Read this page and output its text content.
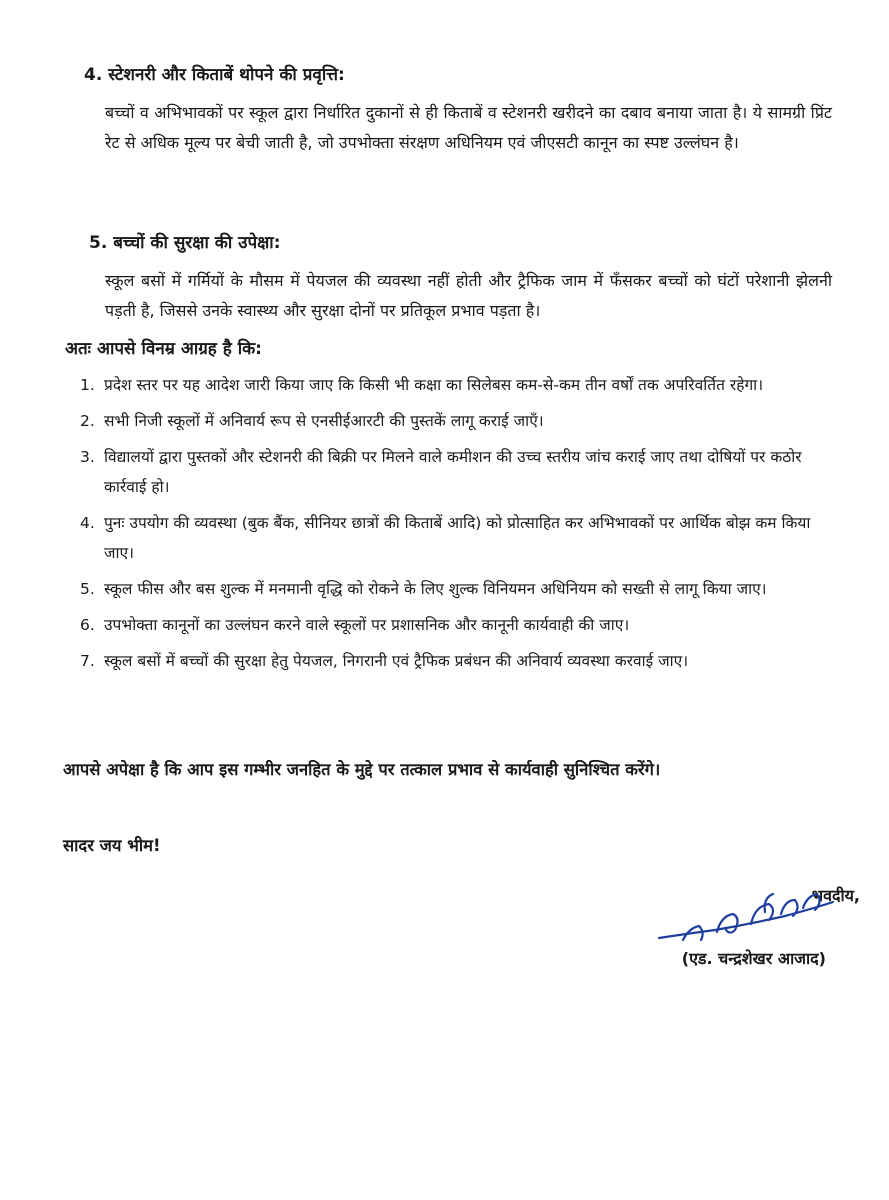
4. स्टेशनरी और किताबें थोपने की प्रवृत्ति:
बच्चों व अभिभावकों पर स्कूल द्वारा निर्धारित दुकानों से ही किताबें व स्टेशनरी खरीदने का दबाव बनाया जाता है। ये सामग्री प्रिंट रेट से अधिक मूल्य पर बेची जाती है, जो उपभोक्ता संरक्षण अधिनियम एवं जीएसटी कानून का स्पष्ट उल्लंघन है।
5. बच्चों की सुरक्षा की उपेक्षा:
स्कूल बसों में गर्मियों के मौसम में पेयजल की व्यवस्था नहीं होती और ट्रैफिक जाम में फँसकर बच्चों को घंटों परेशानी झेलनी पड़ती है, जिससे उनके स्वास्थ्य और सुरक्षा दोनों पर प्रतिकूल प्रभाव पड़ता है।
अतः आपसे विनम्र आग्रह है कि:
1. प्रदेश स्तर पर यह आदेश जारी किया जाए कि किसी भी कक्षा का सिलेबस कम-से-कम तीन वर्षों तक अपरिवर्तित रहेगा।
2. सभी निजी स्कूलों में अनिवार्य रूप से एनसीईआरटी की पुस्तकें लागू कराई जाएँ।
3. विद्यालयों द्वारा पुस्तकों और स्टेशनरी की बिक्री पर मिलने वाले कमीशन की उच्च स्तरीय जांच कराई जाए तथा दोषियों पर कठोर कार्रवाई हो।
4. पुनः उपयोग की व्यवस्था (बुक बैंक, सीनियर छात्रों की किताबें आदि) को प्रोत्साहित कर अभिभावकों पर आर्थिक बोझ कम किया जाए।
5. स्कूल फीस और बस शुल्क में मनमानी वृद्धि को रोकने के लिए शुल्क विनियमन अधिनियम को सख्ती से लागू किया जाए।
6. उपभोक्ता कानूनों का उल्लंघन करने वाले स्कूलों पर प्रशासनिक और कानूनी कार्यवाही की जाए।
7. स्कूल बसों में बच्चों की सुरक्षा हेतु पेयजल, निगरानी एवं ट्रैफिक प्रबंधन की अनिवार्य व्यवस्था करवाई जाए।
आपसे अपेक्षा है कि आप इस गम्भीर जनहित के मुद्दे पर तत्काल प्रभाव से कार्यवाही सुनिश्चित करेंगे।
सादर जय भीम!
भवदीय,
(एड. चन्द्रशेखर आजाद)
